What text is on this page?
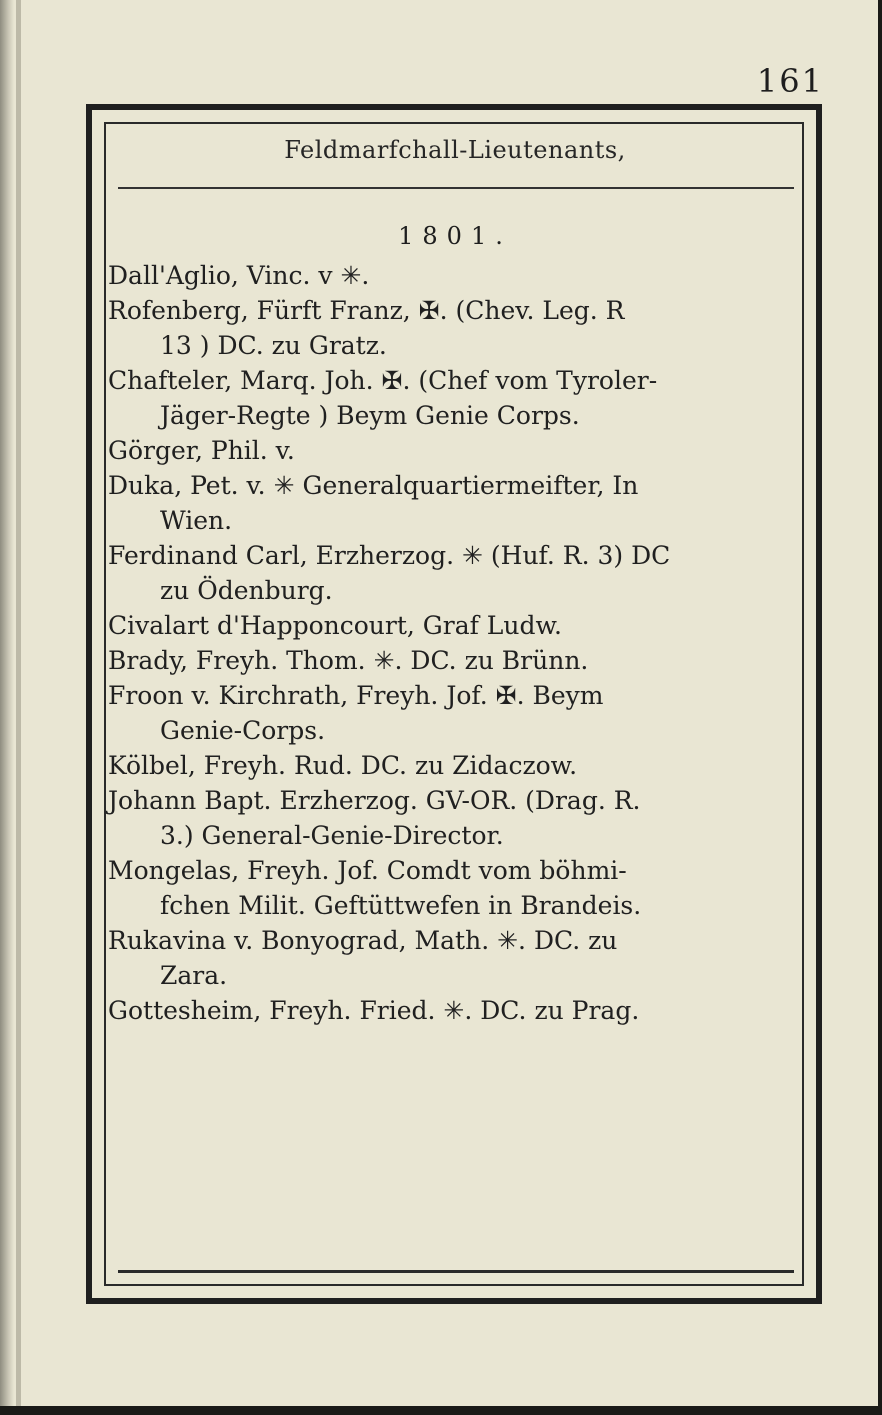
161
Feldmarfchall-Lieutenants,
1801.
Dall'Aglio, Vinc. v ✳.
Rofenberg, Fürft Franz, ✠. (Chev. Leg. R
13 ) DC. zu Gratz.
Chafteler, Marq. Joh. ✠. (Chef vom Tyroler-
Jäger-Regte ) Beym Genie Corps.
Görger, Phil. v.
Duka, Pet. v. ✳ Generalquartiermeifter, In
Wien.
Ferdinand Carl, Erzherzog. ✳ (Huf. R. 3) DC
zu Ödenburg.
Civalart d'Happoncourt, Graf Ludw.
Brady, Freyh. Thom. ✳. DC. zu Brünn.
Froon v. Kirchrath, Freyh. Jof. ✠. Beym
Genie-Corps.
Kölbel, Freyh. Rud. DC. zu Zidaczow.
Johann Bapt. Erzherzog. GV-OR. (Drag. R.
3.) General-Genie-Director.
Mongelas, Freyh. Jof. Comdt vom böhmi-
fchen Milit. Geftüttwefen in Brandeis.
Rukavina v. Bonyograd, Math. ✳. DC. zu
Zara.
Gottesheim, Freyh. Fried. ✳. DC. zu Prag.
